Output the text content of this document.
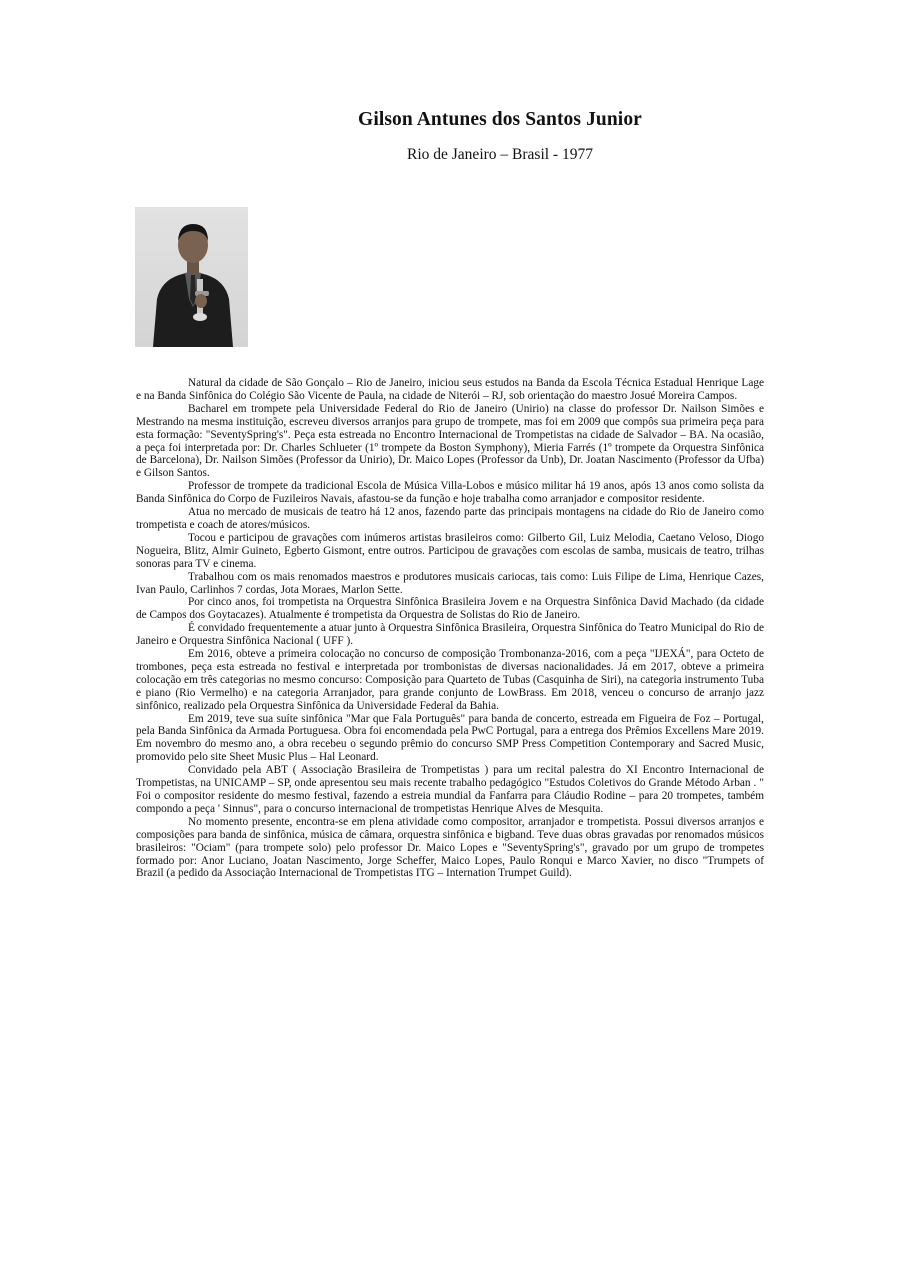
Gilson Antunes dos Santos Junior
Rio de Janeiro – Brasil - 1977

Natural da cidade de São Gonçalo – Rio de Janeiro, iniciou seus estudos na Banda da Escola Técnica Estadual Henrique Lage e na Banda Sinfônica do Colégio São Vicente de Paula, na cidade de Niterói – RJ, sob orientação do maestro Josué Moreira Campos.

Bacharel em trompete pela Universidade Federal do Rio de Janeiro (Unirio) na classe do professor Dr. Nailson Simões e Mestrando na mesma instituição, escreveu diversos arranjos para grupo de trompete, mas foi em 2009 que compôs sua primeira peça para esta formação: "SeventySpring's". Peça esta estreada no Encontro Internacional de Trompetistas na cidade de Salvador – BA. Na ocasião, a peça foi interpretada por: Dr. Charles Schlueter (1º trompete da Boston Symphony), Mieria Farrés (1º trompete da Orquestra Sinfônica de Barcelona), Dr. Nailson Simões (Professor da Unirio), Dr. Maico Lopes (Professor da Unb), Dr. Joatan Nascimento (Professor da Ufba) e Gilson Santos.

Professor de trompete da tradicional Escola de Música Villa-Lobos e músico militar há 19 anos, após 13 anos como solista da Banda Sinfônica do Corpo de Fuzileiros Navais, afastou-se da função e hoje trabalha como arranjador e compositor residente.

Atua no mercado de musicais de teatro há 12 anos, fazendo parte das principais montagens na cidade do Rio de Janeiro como trompetista e coach de atores/músicos.

Tocou e participou de gravações com inúmeros artistas brasileiros como: Gilberto Gil, Luiz Melodia, Caetano Veloso, Diogo Nogueira, Blitz, Almir Guineto, Egberto Gismont, entre outros. Participou de gravações com escolas de samba, musicais de teatro, trilhas sonoras para TV e cinema.

Trabalhou com os mais renomados maestros e produtores musicais cariocas, tais como: Luis Filipe de Lima, Henrique Cazes, Ivan Paulo, Carlinhos 7 cordas, Jota Moraes, Marlon Sette.

Por cinco anos, foi trompetista na Orquestra Sinfônica Brasileira Jovem e na Orquestra Sinfônica David Machado (da cidade de Campos dos Goytacazes). Atualmente é trompetista da Orquestra de Solistas do Rio de Janeiro.

É convidado frequentemente a atuar junto à Orquestra Sinfônica Brasileira, Orquestra Sinfônica do Teatro Municipal do Rio de Janeiro e Orquestra Sinfônica Nacional ( UFF ).

Em 2016, obteve a primeira colocação no concurso de composição Trombonanza-2016, com a peça "IJEXÁ", para Octeto de trombones, peça esta estreada no festival e interpretada por trombonistas de diversas nacionalidades. Já em 2017, obteve a primeira colocação em três categorias no mesmo concurso: Composição para Quarteto de Tubas (Casquinha de Siri), na categoria instrumento Tuba e piano (Rio Vermelho) e na categoria Arranjador, para grande conjunto de LowBrass. Em 2018, venceu o concurso de arranjo jazz sinfônico, realizado pela Orquestra Sinfônica da Universidade Federal da Bahia.

Em 2019, teve sua suíte sinfônica "Mar que Fala Português" para banda de concerto, estreada em Figueira de Foz – Portugal, pela Banda Sinfônica da Armada Portuguesa. Obra foi encomendada pela PwC Portugal, para a entrega dos Prêmios Excellens Mare 2019. Em novembro do mesmo ano, a obra recebeu o segundo prêmio do concurso SMP Press Competition Contemporary and Sacred Music, promovido pelo site Sheet Music Plus – Hal Leonard.

Convidado pela ABT ( Associação Brasileira de Trompetistas ) para um recital palestra do XI Encontro Internacional de Trompetistas, na UNICAMP – SP, onde apresentou seu mais recente trabalho pedagógico "Estudos Coletivos do Grande Método Arban . " Foi o compositor residente do mesmo festival, fazendo a estreia mundial da Fanfarra para Cláudio Rodine – para 20 trompetes, também compondo a peça ' Sinnus", para o concurso internacional de trompetistas Henrique Alves de Mesquita.

No momento presente, encontra-se em plena atividade como compositor, arranjador e trompetista. Possui diversos arranjos e composições para banda de sinfônica, música de câmara, orquestra sinfônica e bigband. Teve duas obras gravadas por renomados músicos brasileiros: "Ociam" (para trompete solo) pelo professor Dr. Maico Lopes e "SeventySpring's", gravado por um grupo de trompetes formado por: Anor Luciano, Joatan Nascimento, Jorge Scheffer, Maico Lopes, Paulo Ronqui e Marco Xavier, no disco "Trumpets of Brazil (a pedido da Associação Internacional de Trompetistas ITG – Internation Trumpet Guild).
